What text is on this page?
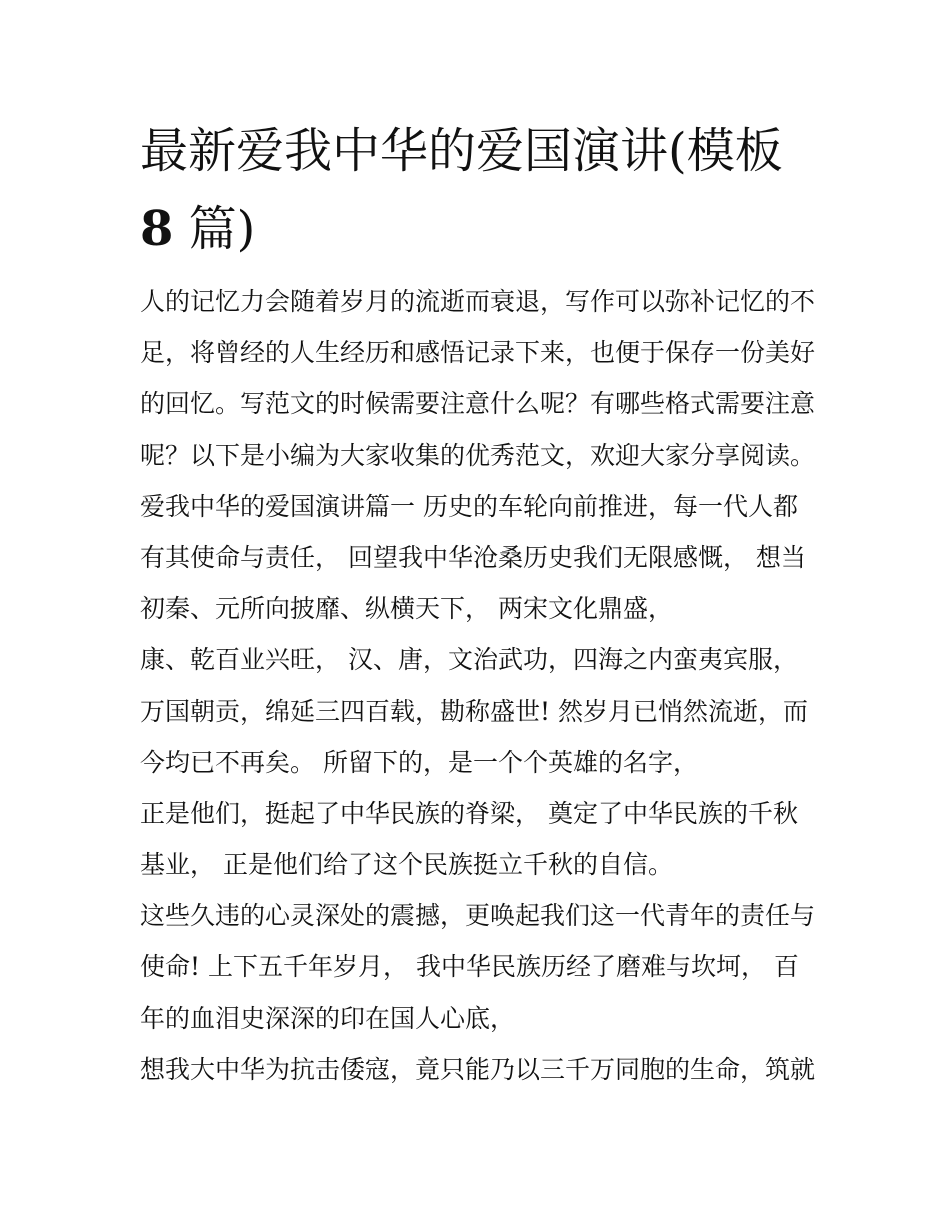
最新爱我中华的爱国演讲(模板
8 篇)
人的记忆力会随着岁月的流逝而衰退，写作可以弥补记忆的不
足，将曾经的人生经历和感悟记录下来，也便于保存一份美好
的回忆。写范文的时候需要注意什么呢？有哪些格式需要注意
呢？以下是小编为大家收集的优秀范文，欢迎大家分享阅读。
爱我中华的爱国演讲篇一 历史的车轮向前推进，每一代人都
有其使命与责任， 回望我中华沧桑历史我们无限感慨， 想当
初秦、元所向披靡、纵横天下， 两宋文化鼎盛，
康、乾百业兴旺， 汉、唐，文治武功，四海之内蛮夷宾服，
万国朝贡，绵延三四百载，勘称盛世! 然岁月已悄然流逝，而
今均已不再矣。 所留下的，是一个个英雄的名字，
正是他们，挺起了中华民族的脊梁， 奠定了中华民族的千秋
基业， 正是他们给了这个民族挺立千秋的自信。
这些久违的心灵深处的震撼，更唤起我们这一代青年的责任与
使命! 上下五千年岁月， 我中华民族历经了磨难与坎坷， 百
年的血泪史深深的印在国人心底，
想我大中华为抗击倭寇，竟只能乃以三千万同胞的生命，筑就
